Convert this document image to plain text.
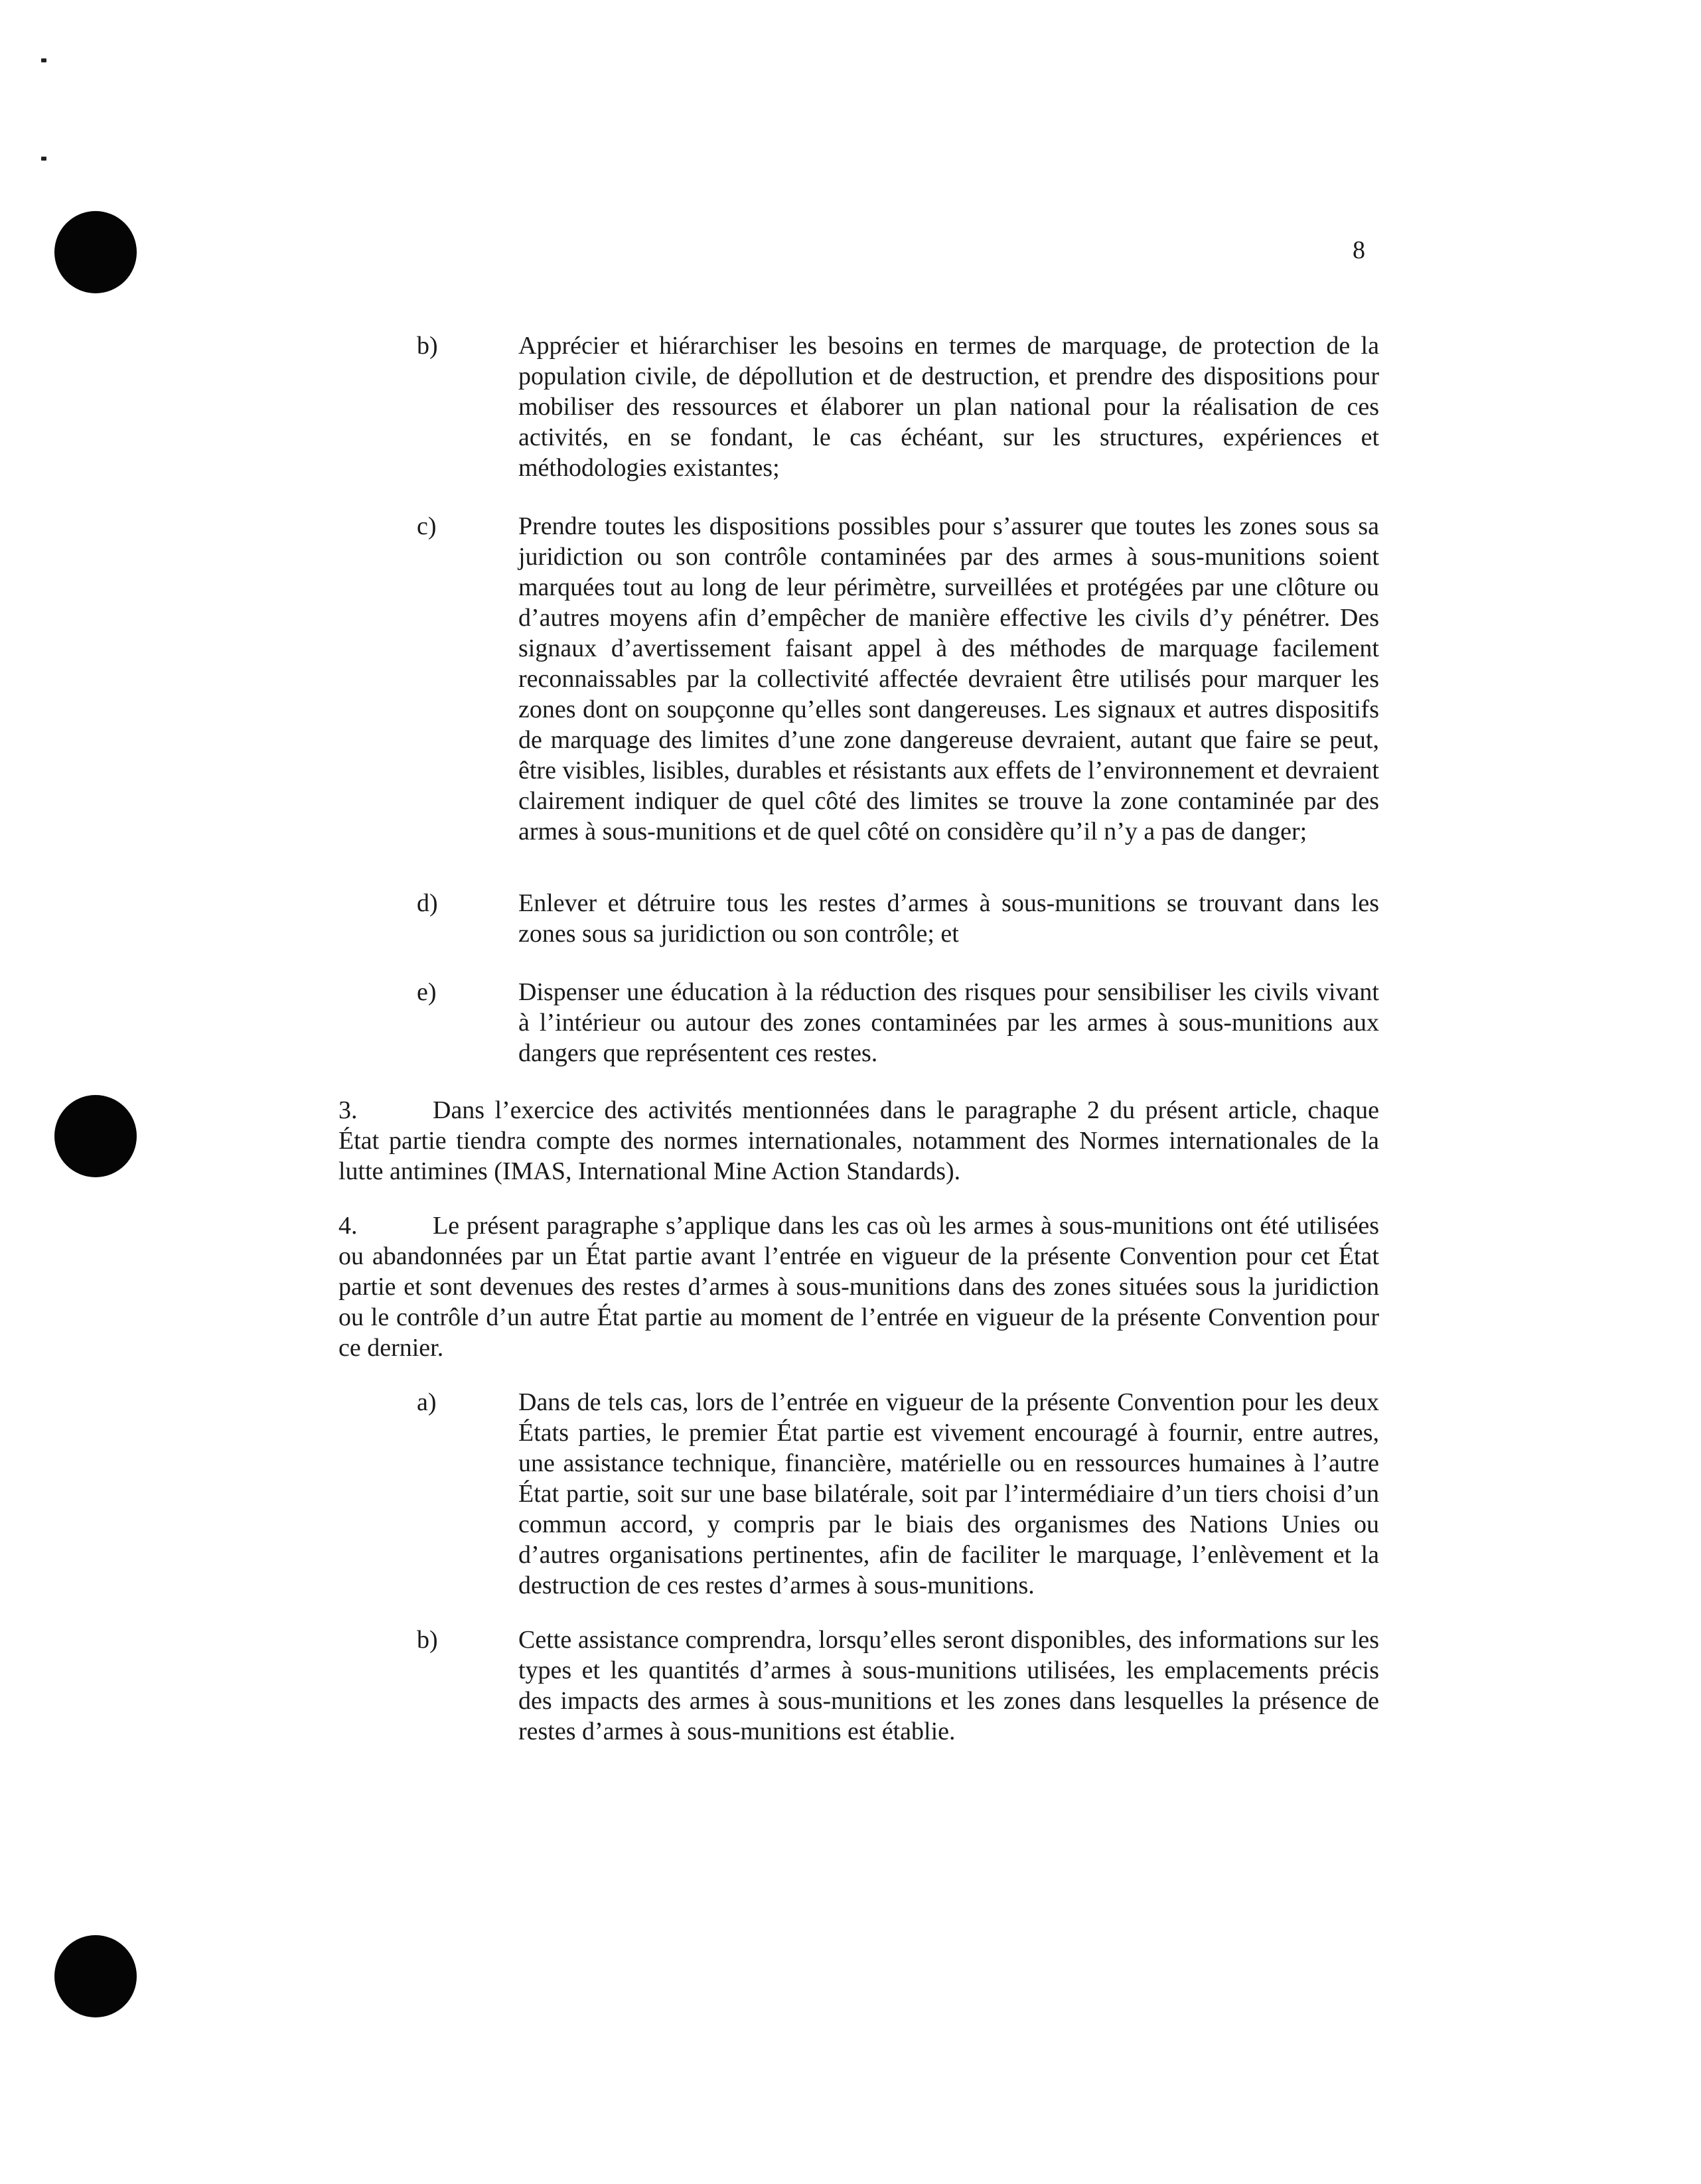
8
b)	Apprécier et hiérarchiser les besoins en termes de marquage, de protection de la population civile, de dépollution et de destruction, et prendre des dispositions pour mobiliser des ressources et élaborer un plan national pour la réalisation de ces activités, en se fondant, le cas échéant, sur les structures, expériences et méthodologies existantes;

c)	Prendre toutes les dispositions possibles pour s’assurer que toutes les zones sous sa juridiction ou son contrôle contaminées par des armes à sous-munitions soient marquées tout au long de leur périmètre, surveillées et protégées par une clôture ou d’autres moyens afin d’empêcher de manière effective les civils d’y pénétrer. Des signaux d’avertissement faisant appel à des méthodes de marquage facilement reconnaissables par la collectivité affectée devraient être utilisés pour marquer les zones dont on soupçonne qu’elles sont dangereuses. Les signaux et autres dispositifs de marquage des limites d’une zone dangereuse devraient, autant que faire se peut, être visibles, lisibles, durables et résistants aux effets de l’environnement et devraient clairement indiquer de quel côté des limites se trouve la zone contaminée par des armes à sous-munitions et de quel côté on considère qu’il n’y a pas de danger;

d)	Enlever et détruire tous les restes d’armes à sous-munitions se trouvant dans les zones sous sa juridiction ou son contrôle; et

e)	Dispenser une éducation à la réduction des risques pour sensibiliser les civils vivant à l’intérieur ou autour des zones contaminées par les armes à sous-munitions aux dangers que représentent ces restes.

3.	Dans l’exercice des activités mentionnées dans le paragraphe 2 du présent article, chaque État partie tiendra compte des normes internationales, notamment des Normes internationales de la lutte antimines (IMAS, International Mine Action Standards).

4.	Le présent paragraphe s’applique dans les cas où les armes à sous-munitions ont été utilisées ou abandonnées par un État partie avant l’entrée en vigueur de la présente Convention pour cet État partie et sont devenues des restes d’armes à sous-munitions dans des zones situées sous la juridiction ou le contrôle d’un autre État partie au moment de l’entrée en vigueur de la présente Convention pour ce dernier.

a)	Dans de tels cas, lors de l’entrée en vigueur de la présente Convention pour les deux États parties, le premier État partie est vivement encouragé à fournir, entre autres, une assistance technique, financière, matérielle ou en ressources humaines à l’autre État partie, soit sur une base bilatérale, soit par l’intermédiaire d’un tiers choisi d’un commun accord, y compris par le biais des organismes des Nations Unies ou d’autres organisations pertinentes, afin de faciliter le marquage, l’enlèvement et la destruction de ces restes d’armes à sous-munitions.

b)	Cette assistance comprendra, lorsqu’elles seront disponibles, des informations sur les types et les quantités d’armes à sous-munitions utilisées, les emplacements précis des impacts des armes à sous-munitions et les zones dans lesquelles la présence de restes d’armes à sous-munitions est établie.
